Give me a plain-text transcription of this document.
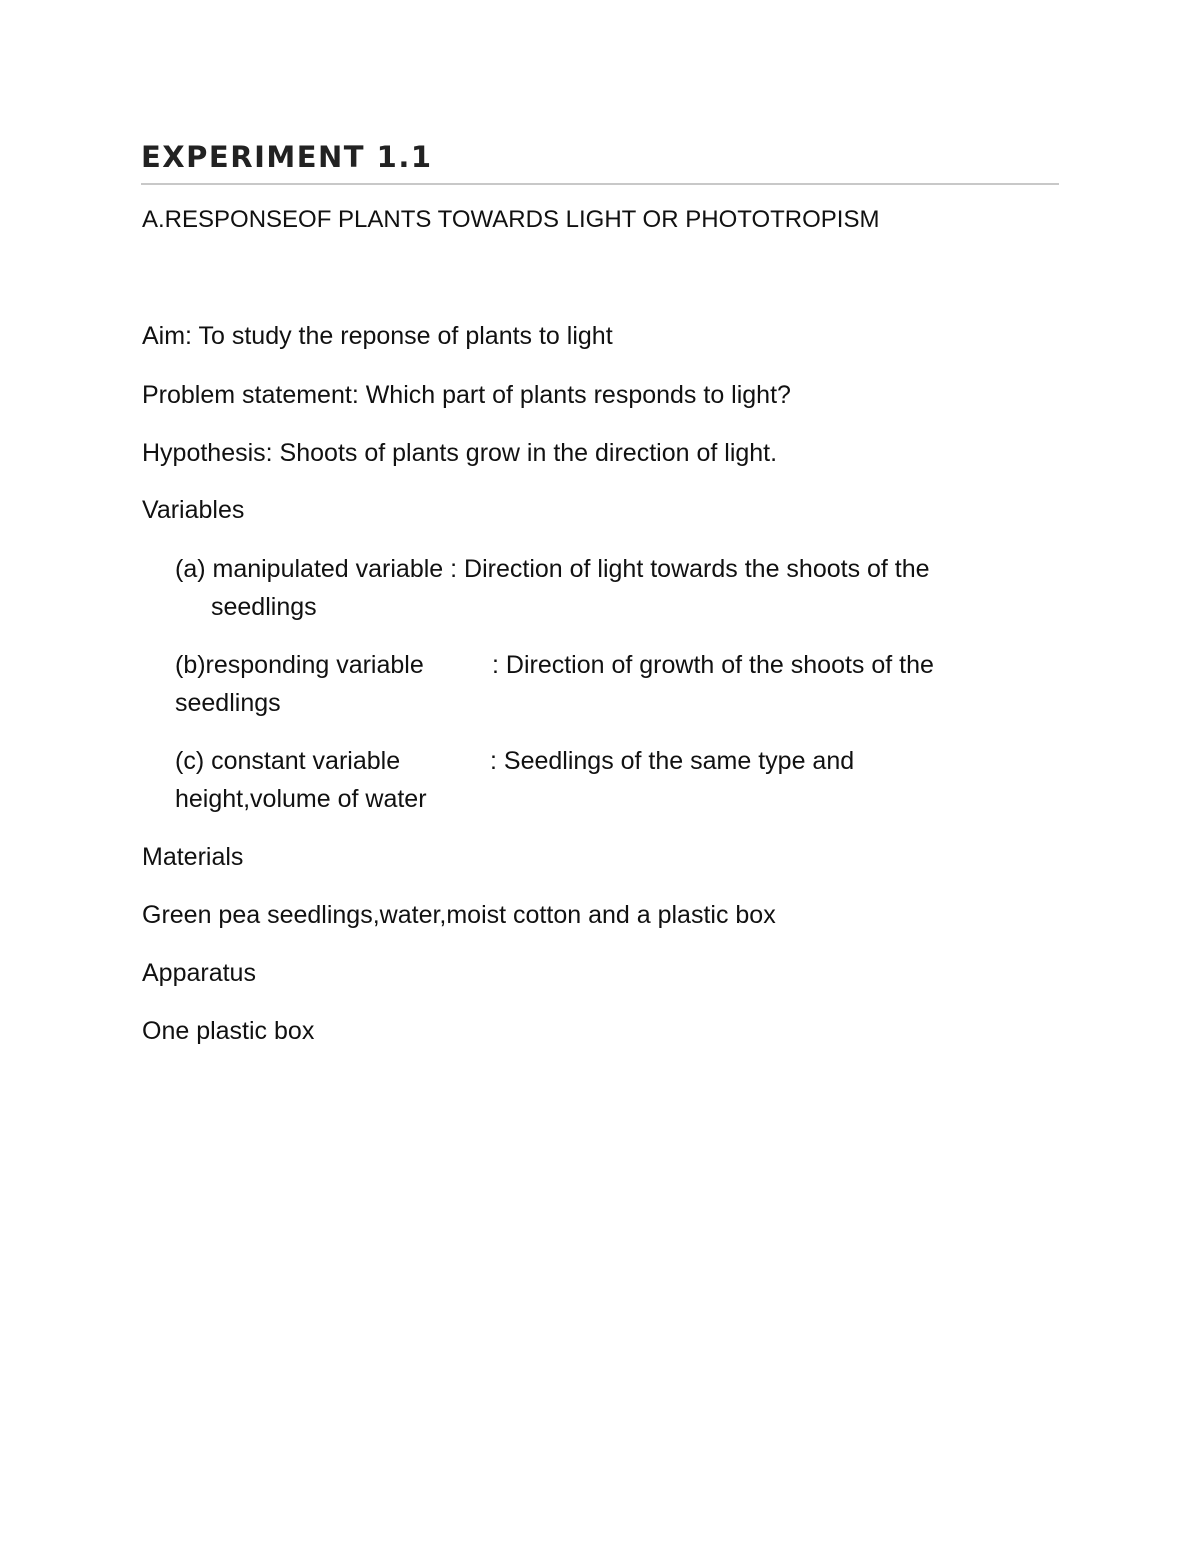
EXPERIMENT 1.1

A.RESPONSEOF PLANTS TOWARDS LIGHT OR PHOTOTROPISM

Aim: To study the reponse of plants to light

Problem statement: Which part of plants responds to light?

Hypothesis: Shoots of plants grow in the direction of light.

Variables

(a) manipulated variable : Direction of light towards the shoots of the

seedlings

(b)responding variable	: Direction of growth of the shoots of the

seedlings

(c) constant variable	: Seedlings of the same type and

height,volume of water

Materials

Green pea seedlings,water,moist cotton and a plastic box

Apparatus

One plastic box
